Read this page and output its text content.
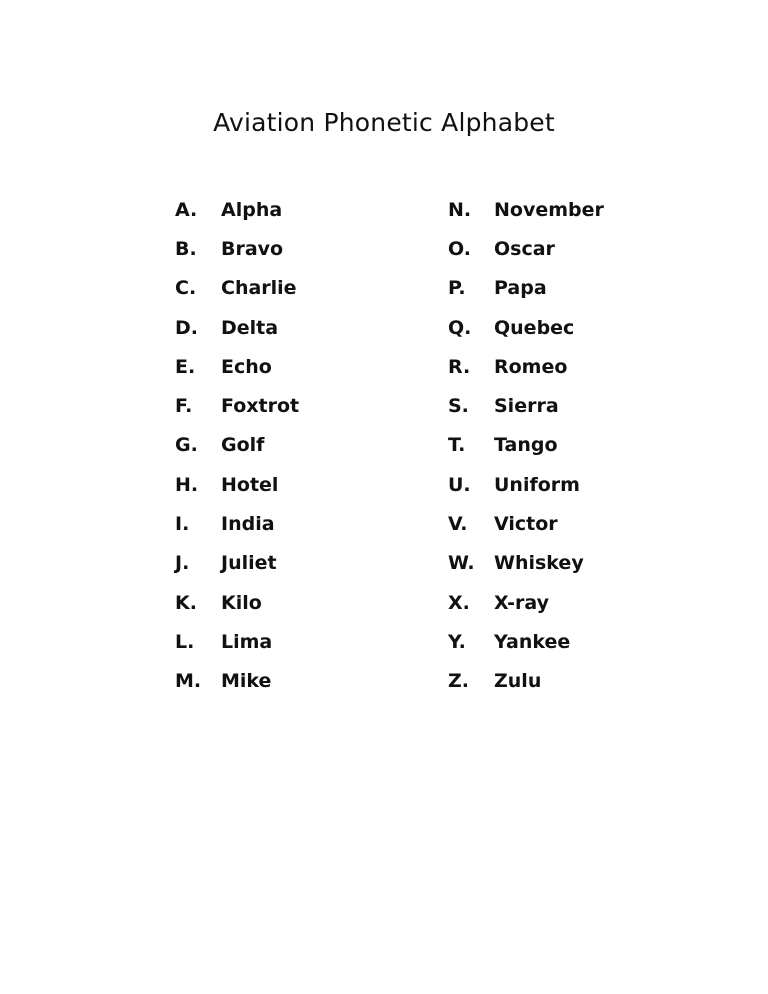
Aviation Phonetic Alphabet
A.	Alpha
B.	Bravo
C.	Charlie
D.	Delta
E.	Echo
F.	Foxtrot
G.	Golf
H.	Hotel
I.	India
J.	Juliet
K.	Kilo
L.	Lima
M.	Mike
N.	November
O.	Oscar
P.	Papa
Q.	Quebec
R.	Romeo
S.	Sierra
T.	Tango
U.	Uniform
V.	Victor
W.	Whiskey
X.	X-ray
Y.	Yankee
Z.	Zulu
